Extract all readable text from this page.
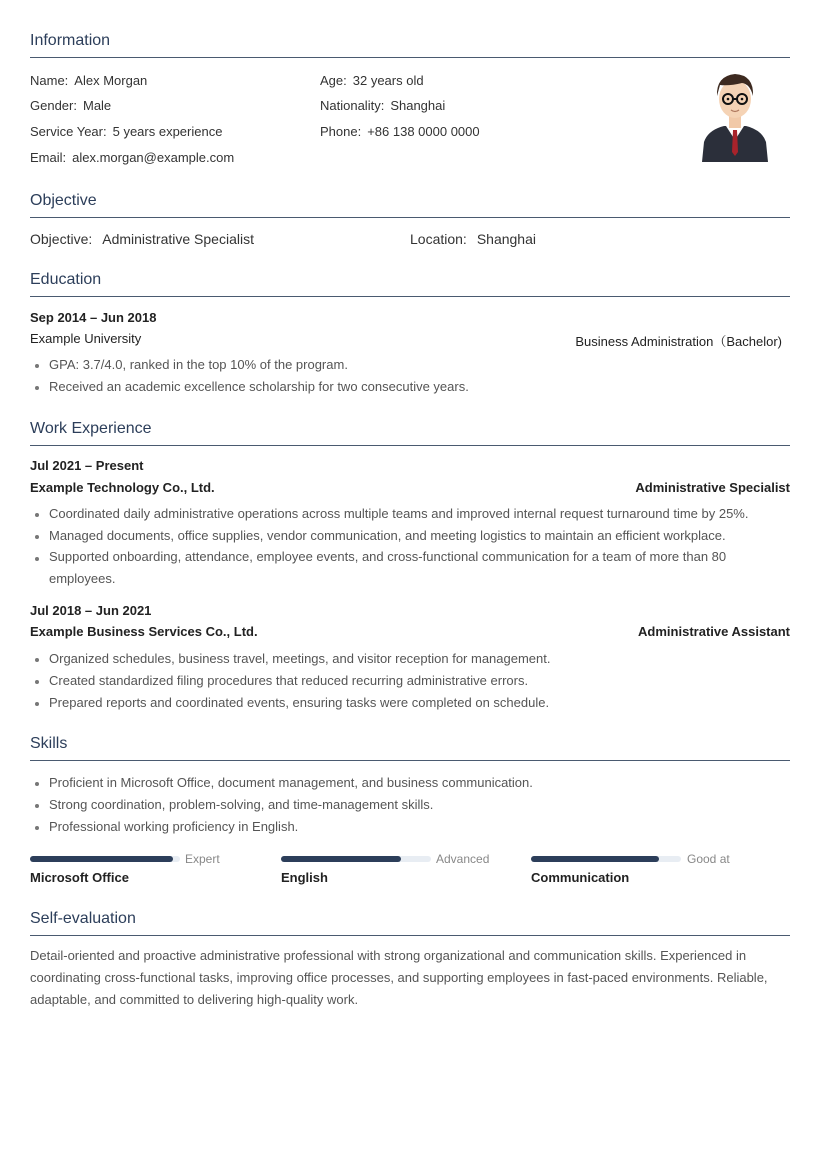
Information
Name: Alex Morgan	Age: 32 years old
Gender: Male	Nationality: Shanghai
Service Year: 5 years experience	Phone: +86 138 0000 0000
Email: alex.morgan@example.com
Objective
Objective: Administrative Specialist	Location: Shanghai
Education
Sep 2014 – Jun 2018
Example University	Business Administration（Bachelor)
GPA: 3.7/4.0, ranked in the top 10% of the program.
Received an academic excellence scholarship for two consecutive years.
Work Experience
Jul 2021 – Present
Example Technology Co., Ltd.	Administrative Specialist
Coordinated daily administrative operations across multiple teams and improved internal request turnaround time by 25%.
Managed documents, office supplies, vendor communication, and meeting logistics to maintain an efficient workplace.
Supported onboarding, attendance, employee events, and cross-functional communication for a team of more than 80 employees.
Jul 2018 – Jun 2021
Example Business Services Co., Ltd.	Administrative Assistant
Organized schedules, business travel, meetings, and visitor reception for management.
Created standardized filing procedures that reduced recurring administrative errors.
Prepared reports and coordinated events, ensuring tasks were completed on schedule.
Skills
Proficient in Microsoft Office, document management, and business communication.
Strong coordination, problem-solving, and time-management skills.
Professional working proficiency in English.
Expert
Microsoft Office
Advanced
English
Good at
Communication
Self-evaluation
Detail-oriented and proactive administrative professional with strong organizational and communication skills. Experienced in coordinating cross-functional tasks, improving office processes, and supporting employees in fast-paced environments. Reliable, adaptable, and committed to delivering high-quality work.
